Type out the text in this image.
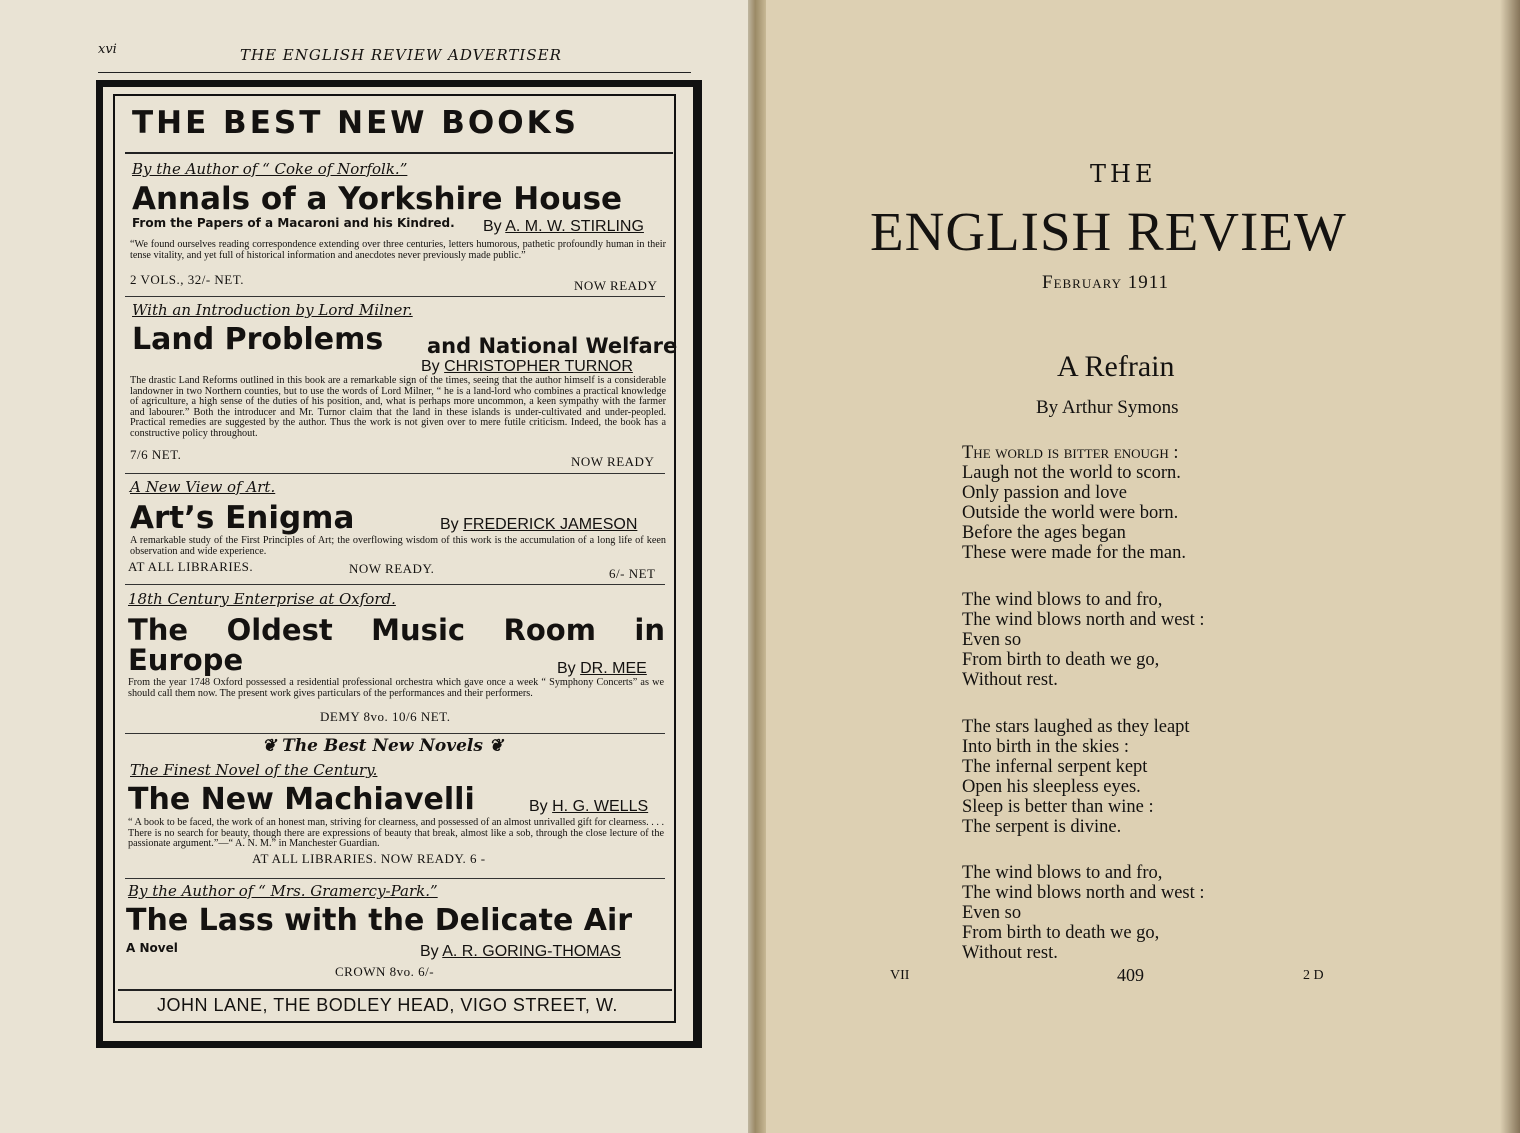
xvi	THE ENGLISH REVIEW ADVERTISER
THE BEST NEW BOOKS
By the Author of “ Coke of Norfolk.”
Annals of a Yorkshire House
From the Papers of a Macaroni and his Kindred. By A. M. W. STIRLING
“We found ourselves reading correspondence extending over three centuries, letters humorous, pathetic profoundly human in their tense vitality, and yet full of historical information and anecdotes never previously made public.”
2 VOLS., 32/- NET.	NOW READY
With an Introduction by Lord Milner.
Land Problems and National Welfare
By CHRISTOPHER TURNOR
The drastic Land Reforms outlined in this book are a remarkable sign of the times, seeing that the author himself is a considerable landowner in two Northern counties, but to use the words of Lord Milner, “ he is a land-lord who combines a practical knowledge of agriculture, a high sense of the duties of his position, and, what is perhaps more uncommon, a keen sympathy with the farmer and labourer.” Both the introducer and Mr. Turnor claim that the land in these islands is under-cultivated and under-peopled. Practical remedies are suggested by the author. Thus the work is not given over to mere futile criticism. Indeed, the book has a constructive policy throughout.
7/6 NET.	NOW READY
A New View of Art.
Art’s Enigma	By FREDERICK JAMESON
A remarkable study of the First Principles of Art; the overflowing wisdom of this work is the accumulation of a long life of keen observation and wide experience.
AT ALL LIBRARIES.	NOW READY.	6/- NET
18th Century Enterprise at Oxford.
The Oldest Music Room in
Europe	By DR. MEE
From the year 1748 Oxford possessed a residential professional orchestra which gave once a week “ Symphony Concerts” as we should call them now. The present work gives particulars of the performances and their performers.
DEMY 8vo. 10/6 NET.
❦ The Best New Novels ❦
The Finest Novel of the Century.
The New Machiavelli	By H. G. WELLS
“ A book to be faced, the work of an honest man, striving for clearness, and possessed of an almost unrivalled gift for clearness. . . . There is no search for beauty, though there are expressions of beauty that break, almost like a sob, through the close lecture of the passionate argument.”—“ A. N. M.” in Manchester Guardian.
AT ALL LIBRARIES. NOW READY. 6 -
By the Author of “ Mrs. Gramercy-Park.”
The Lass with the Delicate Air
A Novel	By A. R. GORING-THOMAS
CROWN 8vo. 6/-
JOHN LANE, THE BODLEY HEAD, VIGO STREET, W.
THE
ENGLISH REVIEW
February 1911
A Refrain
By Arthur Symons
The world is bitter enough :
Laugh not the world to scorn.
Only passion and love
Outside the world were born.
Before the ages began
These were made for the man.
The wind blows to and fro,
The wind blows north and west :
Even so
From birth to death we go,
Without rest.
The stars laughed as they leapt
Into birth in the skies :
The infernal serpent kept
Open his sleepless eyes.
Sleep is better than wine :
The serpent is divine.
The wind blows to and fro,
The wind blows north and west :
Even so
From birth to death we go,
Without rest.
VII	409	2 D
